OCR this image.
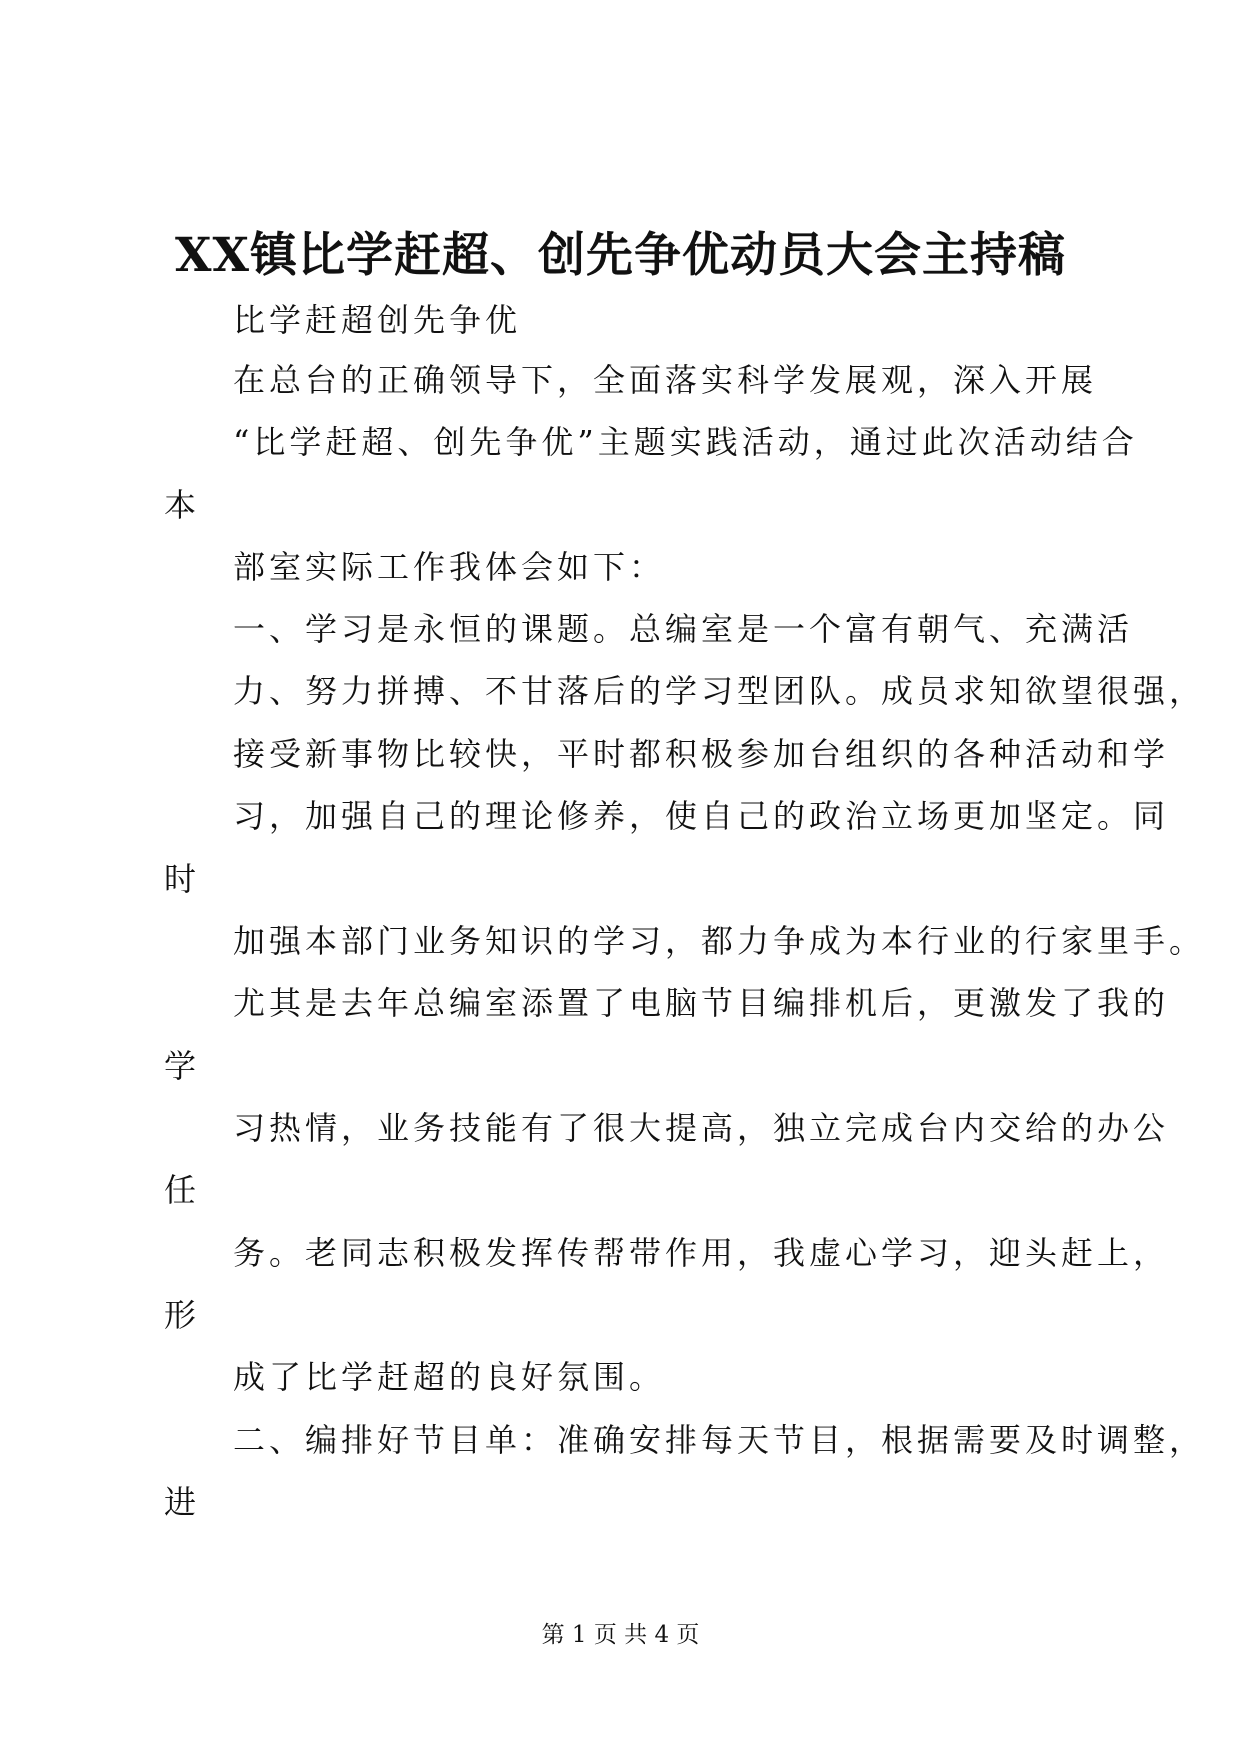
XX镇比学赶超、创先争优动员大会主持稿
比学赶超创先争优
在总台的正确领导下，全面落实科学发展观，深入开展
“比学赶超、创先争优”主题实践活动，通过此次活动结合
本
部室实际工作我体会如下：
一、学习是永恒的课题。总编室是一个富有朝气、充满活
力、努力拼搏、不甘落后的学习型团队。成员求知欲望很强，
接受新事物比较快，平时都积极参加台组织的各种活动和学
习，加强自己的理论修养，使自己的政治立场更加坚定。同
时
加强本部门业务知识的学习，都力争成为本行业的行家里手。
尤其是去年总编室添置了电脑节目编排机后，更激发了我的
学
习热情，业务技能有了很大提高，独立完成台内交给的办公
任
务。老同志积极发挥传帮带作用，我虚心学习，迎头赶上，
形
成了比学赶超的良好氛围。
二、编排好节目单：准确安排每天节目，根据需要及时调整，
进
第 1 页 共 4 页
